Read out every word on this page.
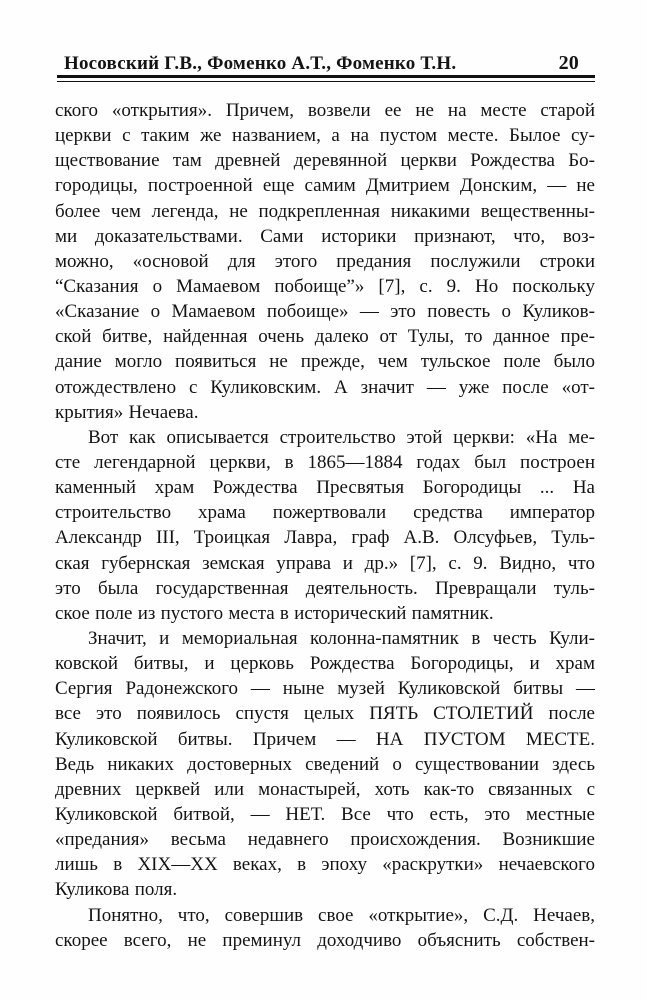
Носовский Г.В., Фоменко А.Т., Фоменко Т.Н.	20
ского «открытия». Причем, возвели ее не на месте старой
церкви с таким же названием, а на пустом месте. Былое су-
ществование там древней деревянной церкви Рождества Бо-
городицы, построенной еще самим Дмитрием Донским, — не
более чем легенда, не подкрепленная никакими вещественны-
ми доказательствами. Сами историки признают, что, воз-
можно, «основой для этого предания послужили строки
“Сказания о Мамаевом побоище”» [7], с. 9. Но поскольку
«Сказание о Мамаевом побоище» — это повесть о Куликов-
ской битве, найденная очень далеко от Тулы, то данное пре-
дание могло появиться не прежде, чем тульское поле было
отождествлено с Куликовским. А значит — уже после «от-
крытия» Нечаева.
Вот как описывается строительство этой церкви: «На ме-
сте легендарной церкви, в 1865—1884 годах был построен
каменный храм Рождества Пресвятыя Богородицы ... На
строительство храма пожертвовали средства император
Александр III, Троицкая Лавра, граф А.В. Олсуфьев, Туль-
ская губернская земская управа и др.» [7], с. 9. Видно, что
это была государственная деятельность. Превращали туль-
ское поле из пустого места в исторический памятник.
Значит, и мемориальная колонна-памятник в честь Кули-
ковской битвы, и церковь Рождества Богородицы, и храм
Сергия Радонежского — ныне музей Куликовской битвы —
все это появилось спустя целых ПЯТЬ СТОЛЕТИЙ после
Куликовской битвы. Причем — НА ПУСТОМ МЕСТЕ.
Ведь никаких достоверных сведений о существовании здесь
древних церквей или монастырей, хоть как-то связанных с
Куликовской битвой, — НЕТ. Все что есть, это местные
«предания» весьма недавнего происхождения. Возникшие
лишь в XIX—XX веках, в эпоху «раскрутки» нечаевского
Куликова поля.
Понятно, что, совершив свое «открытие», С.Д. Нечаев,
скорее всего, не преминул доходчиво объяснить собствен-
